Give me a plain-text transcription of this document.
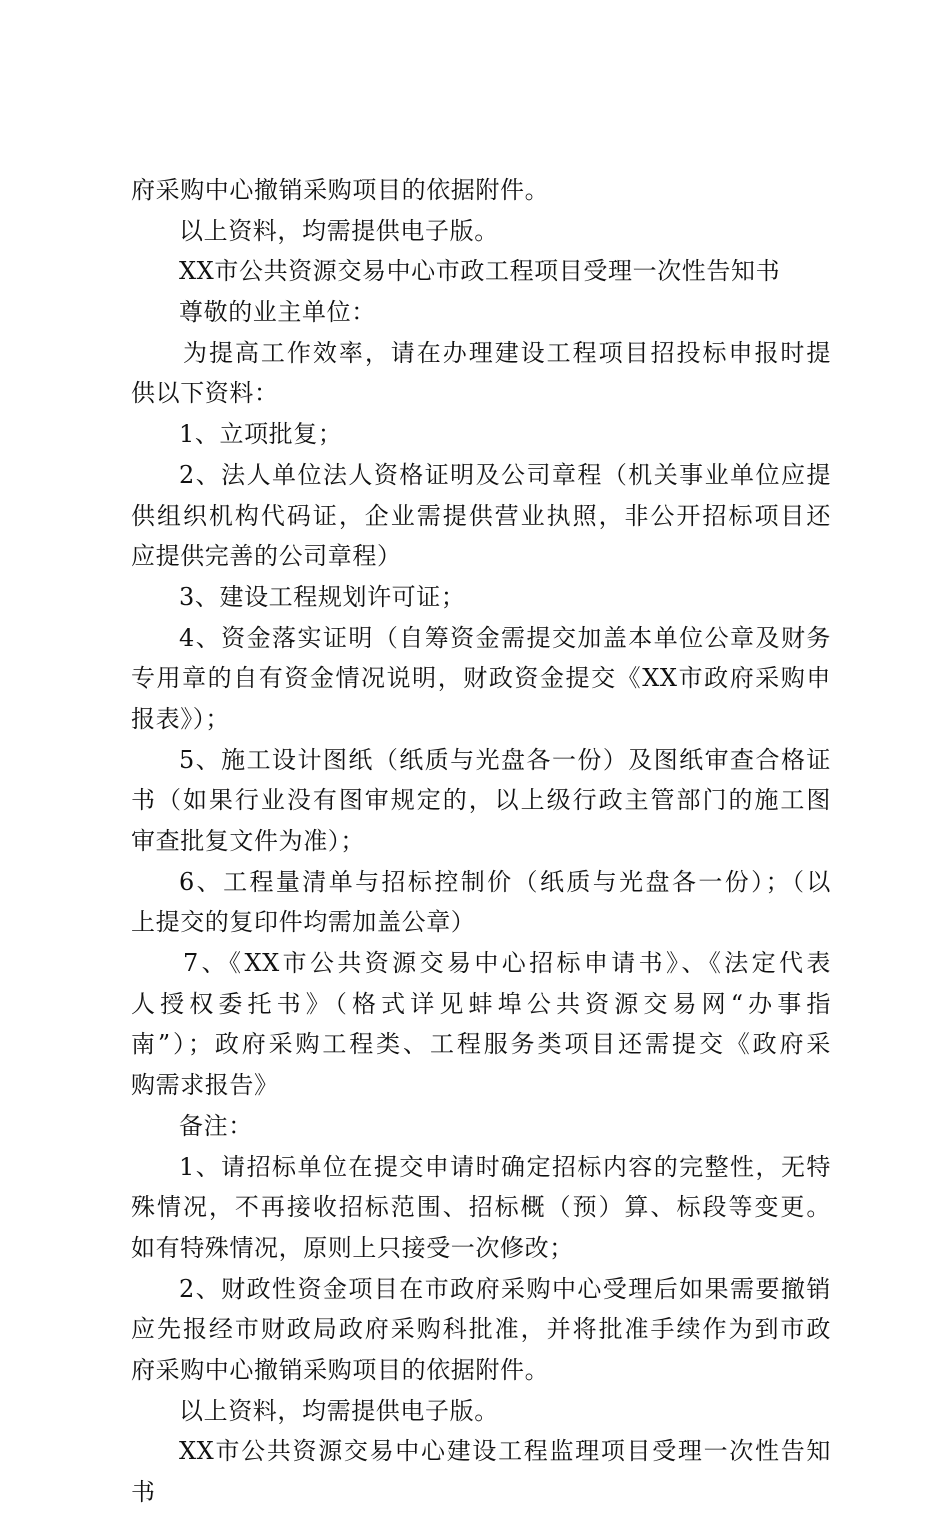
府采购中心撤销采购项目的依据附件。
以上资料，均需提供电子版。
XX市公共资源交易中心市政工程项目受理一次性告知书
尊敬的业主单位：
为提高工作效率，请在办理建设工程项目招投标申报时提
供以下资料：
1、立项批复；
2、法人单位法人资格证明及公司章程（机关事业单位应提
供组织机构代码证，企业需提供营业执照，非公开招标项目还
应提供完善的公司章程）
3、建设工程规划许可证；
4、资金落实证明（自筹资金需提交加盖本单位公章及财务
专用章的自有资金情况说明，财政资金提交《XX市政府采购申
报表》）；
5、施工设计图纸（纸质与光盘各一份）及图纸审查合格证
书（如果行业没有图审规定的，以上级行政主管部门的施工图
审查批复文件为准）；
6、工程量清单与招标控制价（纸质与光盘各一份）；（以
上提交的复印件均需加盖公章）
7、《XX市公共资源交易中心招标申请书》、《法定代表
人授权委托书》（格式详见蚌埠公共资源交易网“办事指
南”）；政府采购工程类、工程服务类项目还需提交《政府采
购需求报告》
备注：
1、请招标单位在提交申请时确定招标内容的完整性，无特
殊情况，不再接收招标范围、招标概（预）算、标段等变更。
如有特殊情况，原则上只接受一次修改；
2、财政性资金项目在市政府采购中心受理后如果需要撤销
应先报经市财政局政府采购科批准，并将批准手续作为到市政
府采购中心撤销采购项目的依据附件。
以上资料，均需提供电子版。
XX市公共资源交易中心建设工程监理项目受理一次性告知
书
